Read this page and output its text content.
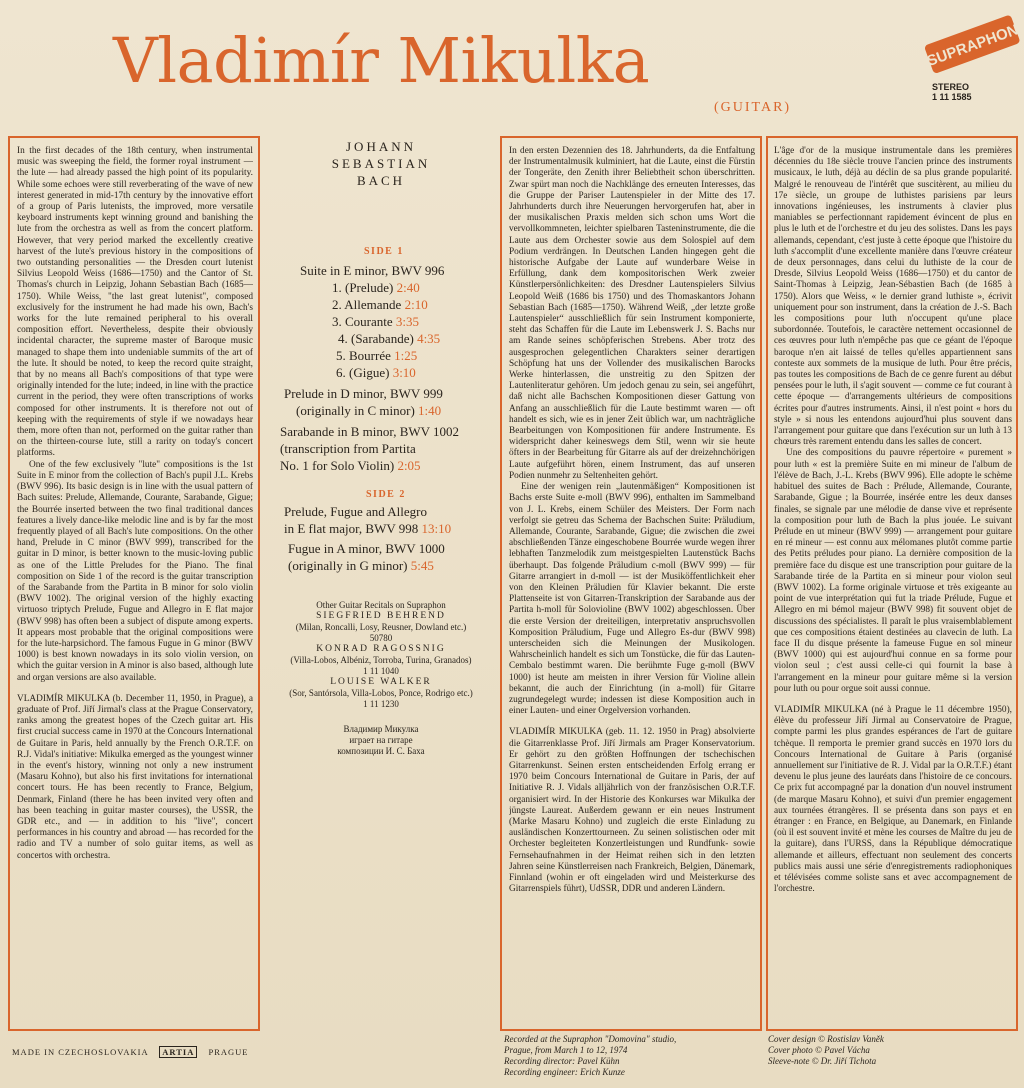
Vladimír Mikulka
(GUITAR)
SUPRAPHON
STEREO
1 11 1585

In the first decades of the 18th century, when instrumental music was sweeping the field, the former royal instrument — the lute — had already passed the high point of its popularity. While some echoes were still reverberating of the wave of new interest generated in mid-17th century by the innovative effort of a group of Paris lutenists, the improved, more versatile keyboard instruments kept winning ground and banishing the lute from the orchestra as well as from the concert platform. However, that very period marked the excellently creative harvest of the lute's previous history in the compositions of two outstanding personalities — the Dresden court lutenist Silvius Leopold Weiss (1686—1750) and the Cantor of St. Thomas's church in Leipzig, Johann Sebastian Bach (1685—1750). While Weiss, "the last great lutenist", composed exclusively for the instrument he had made his own, Bach's works for the lute remained peripheral to his overall composition effort. Nevertheless, despite their obviously incidental character, the supreme master of Baroque music managed to shape them into undeniable summits of the art of the lute. It should be noted, to keep the record quite straight, that by no means all Bach's compositions of that type were originally intended for the lute; indeed, in line with the practice current in the period, they were often transcriptions of works composed for other instruments. It is therefore not out of keeping with the requirements of style if we nowadays hear them, more often than not, performed on the guitar rather than on the thirteen-course lute, still a rarity on today's concert platforms.

One of the few exclusively "lute" compositions is the 1st Suite in E minor from the collection of Bach's pupil J.L. Krebs (BWV 996). Its basic design is in line with the usual pattern of Bach suites: Prelude, Allemande, Courante, Sarabande, Gigue; the Bourrée inserted between the two final traditional dances features a lively dance-like melodic line and is by far the most frequently played of all Bach's lute compositions. On the other hand, Prelude in C minor (BWV 999), transcribed for the guitar in D minor, is better known to the music-loving public as one of the Little Preludes for the Piano. The final composition on Side 1 of the record is the guitar transcription of the Sarabande from the Partita in B minor for solo violin (BWV 1002). The original version of the highly exacting virtuoso triptych Prelude, Fugue and Allegro in E flat major (BWV 998) has often been a subject of dispute among experts. It appears most probable that the original compositions were for the lute-harpsichord. The famous Fugue in G minor (BWV 1000) is best known nowadays in its solo violin version, on which the guitar version in A minor is also based, although lute and organ versions are also available.

VLADIMÍR MIKULKA (b. December 11, 1950, in Prague), a graduate of Prof. Jiří Jirmal's class at the Prague Conservatory, ranks among the greatest hopes of the Czech guitar art. His first crucial success came in 1970 at the Concours International de Guitare in Paris, held annually by the French O.R.T.F. on R.J. Vidal's initiative: Mikulka emerged as the youngest winner in the event's history, winning not only a new instrument (Masaru Kohno), but also his first invitations for international concert tours. He has been recently to France, Belgium, Denmark, Finland (there he has been invited very often and has been teaching in guitar master courses), the USSR, the GDR etc., and — in addition to his "live", concert performances in his country and abroad — has recorded for the radio and TV a number of solo guitar items, as well as concertos with orchestra.

JOHANN
SEBASTIAN
BACH
SIDE 1
Suite in E minor, BWV 996
1. (Prelude) 2:40
2. Allemande 2:10
3. Courante 3:35
4. (Sarabande) 4:35
5. Bourrée 1:25
6. (Gigue) 3:10
Prelude in D minor, BWV 999
(originally in C minor) 1:40
Sarabande in B minor, BWV 1002
(transcription from Partita
No. 1 for Solo Violin) 2:05
SIDE 2
Prelude, Fugue and Allegro
in E flat major, BWV 998 13:10
Fugue in A minor, BWV 1000
(originally in G minor) 5:45
Other Guitar Recitals on Supraphon
SIEGFRIED BEHREND
(Milan, Roncalli, Losy, Reusner, Dowland etc.)
50780
KONRAD RAGOSSNIG
(Villa-Lobos, Albéniz, Torroba, Turina, Granados)
1 11 1040
LOUISE WALKER
(Sor, Santórsola, Villa-Lobos, Ponce, Rodrigo etc.)
1 11 1230
Владимир Микулка
играет на гитаре
композиции И. С. Баха

In den ersten Dezennien des 18. Jahrhunderts, da die Entfaltung der Instrumentalmusik kulminiert, hat die Laute, einst die Fürstin der Tongeräte, den Zenith ihrer Beliebtheit schon überschritten. Zwar spürt man noch die Nachklänge des erneuten Interesses, das die Gruppe der Pariser Lautenspieler in der Mitte des 17. Jahrhunderts durch ihre Neuerungen hervorgerufen hat, aber in der musikalischen Praxis melden sich schon ums Wort die vervollkommneten, leichter spielbaren Tasteninstrumente, die die Laute aus dem Orchester sowie aus dem Solospiel auf dem Podium verdrängen. In Deutschen Landen hingegen geht die historische Aufgabe der Laute auf wunderbare Weise in Erfüllung, dank dem kompositorischen Werk zweier Künstlerpersönlichkeiten: des Dresdner Lautenspielers Silvius Leopold Weiß (1686 bis 1750) und des Thomaskantors Johann Sebastian Bach (1685—1750). Während Weiß, „der letzte große Lautenspieler“ ausschließlich für sein Instrument komponierte, steht das Schaffen für die Laute im Lebenswerk J. S. Bachs nur am Rande seines schöpferischen Strebens. Aber trotz des ausgesprochen gelegentlichen Charakters seiner derartigen Schöpfung hat uns der Vollender des musikalischen Barocks Werke hinterlassen, die unstreitig zu den Spitzen der Lautenliteratur gehören. Um jedoch genau zu sein, sei angeführt, daß nicht alle Bachschen Kompositionen dieser Gattung von Anfang an ausschließlich für die Laute bestimmt waren — oft handelt es sich, wie es in jener Zeit üblich war, um nachträgliche Bearbeitungen von Kompositionen für andere Instrumente. Es widerspricht daher keineswegs dem Stil, wenn wir sie heute öfters in der Bearbeitung für Gitarre als auf der dreizehnchörigen Laute aufgeführt hören, einem Instrument, das auf unseren Podien nunmehr zu Seltenheiten gehört.

Eine der wenigen rein „lautenmäßigen“ Kompositionen ist Bachs erste Suite e-moll (BWV 996), enthalten im Sammelband von J. L. Krebs, einem Schüler des Meisters. Der Form nach verfolgt sie getreu das Schema der Bachschen Suite: Präludium, Allemande, Courante, Sarabande, Gigue; die zwischen die zwei abschließenden Tänze eingeschobene Bourrée wurde wegen ihrer lebhaften Tanzmelodik zum meistgespielten Lautenstück Bachs überhaupt. Das folgende Präludium c-moll (BWV 999) — für Gitarre arrangiert in d-moll — ist der Musiköffentlichkeit eher von den Kleinen Präludien für Klavier bekannt. Die erste Plattenseite ist von Gitarren-Transkription der Sarabande aus der Partita h-moll für Solovioline (BWV 1002) abgeschlossen. Über die erste Version der dreiteiligen, interpretativ anspruchsvollen Komposition Präludium, Fuge und Allegro Es-dur (BWV 998) unterscheiden sich die Meinungen der Musikologen. Wahrscheinlich handelt es sich um Tonstücke, die für das Lauten-Cembalo bestimmt waren. Die berühmte Fuge g-moll (BWV 1000) ist heute am meisten in ihrer Version für Violine allein bekannt, die auch der Einrichtung (in a-moll) für Gitarre zugrundegelegt wurde; indessen ist diese Komposition auch in einer Lauten- und einer Orgelversion vorhanden.

VLADIMÍR MIKULKA (geb. 11. 12. 1950 in Prag) absolvierte die Gitarrenklasse Prof. Jiří Jirmals am Prager Konservatorium. Er gehört zu den größten Hoffnungen der tschechischen Gitarrenkunst. Seinen ersten entscheidenden Erfolg errang er 1970 beim Concours International de Guitare in Paris, der auf Initiative R. J. Vidals alljährlich von der französischen O.R.T.F. organisiert wird. In der Historie des Konkurses war Mikulka der jüngste Laureat. Außerdem gewann er ein neues Instrument (Marke Masaru Kohno) und zugleich die erste Einladung zu ausländischen Konzerttourneen. Zu seinen solistischen oder mit Orchester begleiteten Konzertleistungen und Rundfunk- sowie Fernsehaufnahmen in der Heimat reihen sich in den letzten Jahren seine Künstlerreisen nach Frankreich, Belgien, Dänemark, Finnland (wohin er oft eingeladen wird und Meisterkurse des Gitarrenspiels führt), UdSSR, DDR und anderen Ländern.

L'âge d'or de la musique instrumentale dans les premières décennies du 18e siècle trouve l'ancien prince des instruments musicaux, le luth, déjà au déclin de sa plus grande popularité. Malgré le renouveau de l'intérêt que suscitèrent, au milieu du 17e siècle, un groupe de luthistes parisiens par leurs innovations ingénieuses, les instruments à clavier plus maniables se perfectionnant rapidement évincent de plus en plus le luth et de l'orchestre et du jeu des solistes. Dans les pays allemands, cependant, c'est juste à cette époque que l'histoire du luth s'accomplit d'une excellente manière dans l'œuvre créateur de deux personnages, dans celui du luthiste de la cour de Dresde, Silvius Leopold Weiss (1686—1750) et du cantor de Saint-Thomas à Leipzig, Jean-Sébastien Bach (de 1685 à 1750). Alors que Weiss, « le dernier grand luthiste », écrivit uniquement pour son instrument, dans la création de J.-S. Bach les compositions pour luth n'occupent qu'une place subordonnée. Toutefois, le caractère nettement occasionnel de ces œuvres pour luth n'empêche pas que ce géant de l'époque baroque n'en ait laissé de telles qu'elles appartiennent sans conteste aux sommets de la musique de luth. Pour être précis, pas toutes les compositions de Bach de ce genre furent au début pensées pour le luth, il s'agit souvent — comme ce fut courant à cette époque — d'arrangements ultérieurs de compositions écrites pour d'autres instruments. Ainsi, il n'est point « hors du style » si nous les entendons aujourd'hui plus souvent dans l'arrangement pour guitare que dans l'exécution sur un luth à 13 chœurs très rarement entendu dans les salles de concert.

Une des compositions du pauvre répertoire « purement » pour luth « est la première Suite en mi mineur de l'album de l'élève de Bach, J.-L. Krebs (BWV 996). Elle adopte le schème habituel des suites de Bach : Prélude, Allemande, Courante, Sarabande, Gigue ; la Bourrée, insérée entre les deux danses finales, se signale par une mélodie de danse vive et représente la composition pour luth de Bach la plus jouée. Le suivant Prélude en ut mineur (BWV 999) — arrangement pour guitare en ré mineur — est connu aux mélomanes plutôt comme partie des Petits préludes pour piano. La dernière composition de la première face du disque est une transcription pour guitare de la Sarabande tirée de la Partita en si mineur pour violon seul (BWV 1002). La forme originale virtuose et très exigeante au point de vue interprétation qui fut la triade Prélude, Fugue et Allegro en mi bémol majeur (BWV 998) fit souvent objet de discussions des spécialistes. Il paraît le plus vraisemblablement que ces compositions étaient destinées au clavecin de luth. La face II du disque présente la fameuse Fugue en sol mineur (BWV 1000) qui est aujourd'hui connue en sa forme pour violon seul ; c'est aussi celle-ci qui fournit la base à l'arrangement en la mineur pour guitare même si la version pour luth ou pour orgue soit aussi connue.

VLADIMÍR MIKULKA (né à Prague le 11 décembre 1950), élève du professeur Jiří Jirmal au Conservatoire de Prague, compte parmi les plus grandes espérances de l'art de guitare tchèque. Il remporta le premier grand succès en 1970 lors du Concours International de Guitare à Paris (organisé annuellement sur l'initiative de R. J. Vidal par la O.R.T.F.) étant devenu le plus jeune des lauréats dans l'histoire de ce concours. Ce prix fut accompagné par la donation d'un nouvel instrument (de marque Masaru Kohno), et suivi d'un premier engagement aux tournées étrangères. Il se présenta dans son pays et en étranger : en France, en Belgique, au Danemark, en Finlande (où il est souvent invité et mène les courses de Maître du jeu de la guitare), dans l'URSS, dans la République démocratique allemande et ailleurs, effectuant non seulement des concerts publics mais aussi une série d'enregistrements radiophoniques et télévisées comme soliste sans et avec accompagnement de l'orchestre.

Recorded at the Supraphon "Domovina" studio,
Prague, from March 1 to 12, 1974
Recording director: Pavel Kühn
Recording engineer: Erich Kunze
Cover design © Rostislav Vaněk
Cover photo © Pavel Vácha
Sleeve-note © Dr. Jiří Tichota
MADE IN CZECHOSLOVAKIA ARTIA PRAGUE
